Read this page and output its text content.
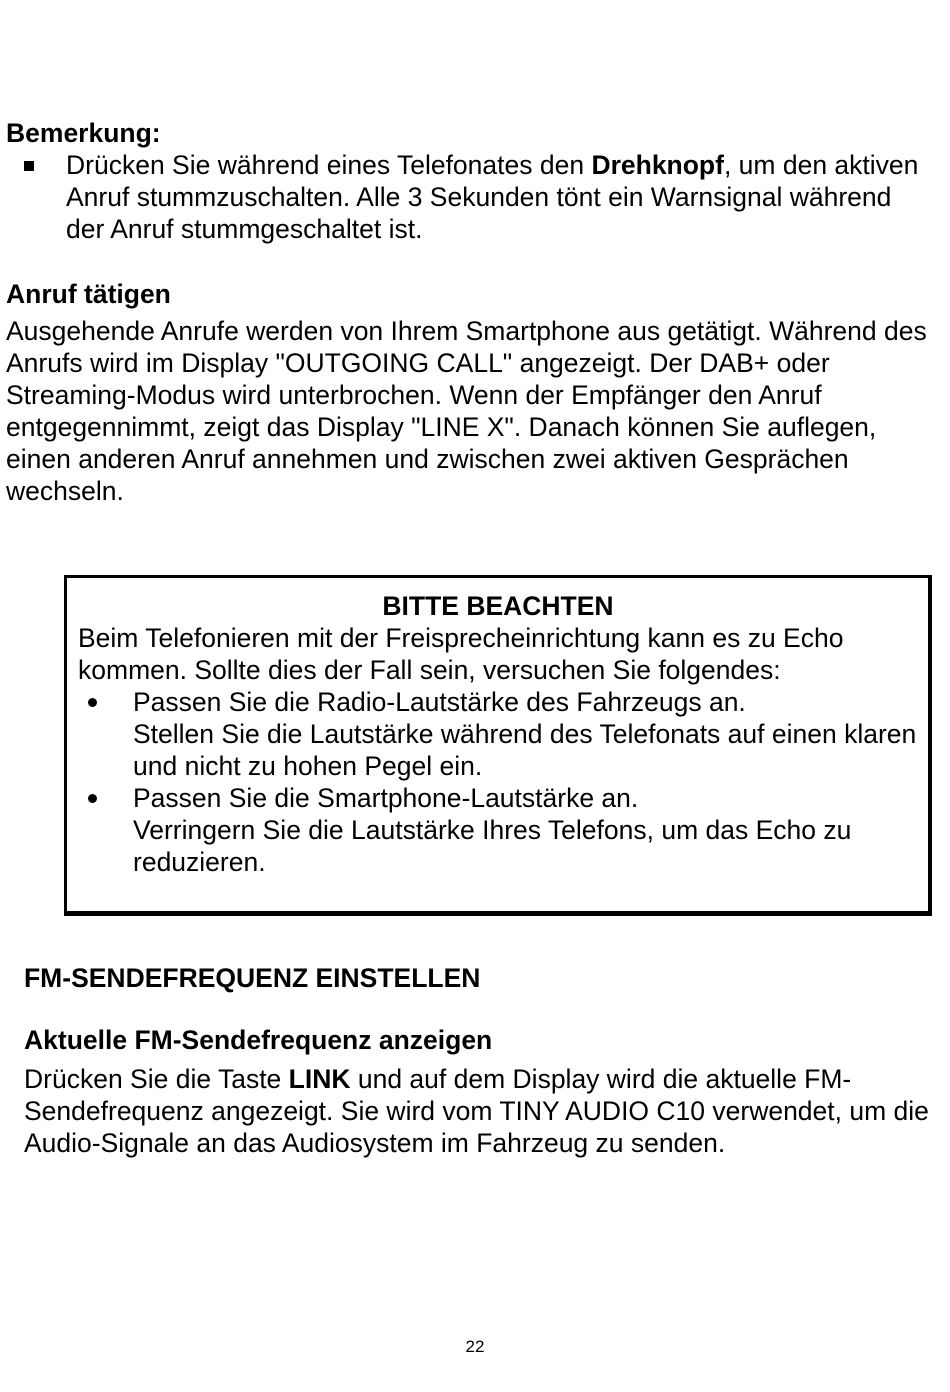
Bemerkung:
Drücken Sie während eines Telefonates den Drehknopf, um den aktiven Anruf stummzuschalten. Alle 3 Sekunden tönt ein Warnsignal während der Anruf stummgeschaltet ist.
Anruf tätigen

Ausgehende Anrufe werden von Ihrem Smartphone aus getätigt. Während des Anrufs wird im Display "OUTGOING CALL" angezeigt. Der DAB+ oder Streaming-Modus wird unterbrochen. Wenn der Empfänger den Anruf entgegennimmt, zeigt das Display "LINE X". Danach können Sie auflegen, einen anderen Anruf annehmen und zwischen zwei aktiven Gesprächen wechseln.

BITTE BEACHTEN

Beim Telefonieren mit der Freisprecheinrichtung kann es zu Echo kommen. Sollte dies der Fall sein, versuchen Sie folgendes:

Passen Sie die Radio-Lautstärke des Fahrzeugs an.
Stellen Sie die Lautstärke während des Telefonats auf einen klaren und nicht zu hohen Pegel ein.
Passen Sie die Smartphone-Lautstärke an.
Verringern Sie die Lautstärke Ihres Telefons, um das Echo zu reduzieren.
FM-SENDEFREQUENZ EINSTELLEN
Aktuelle FM-Sendefrequenz anzeigen

Drücken Sie die Taste LINK und auf dem Display wird die aktuelle FM-Sendefrequenz angezeigt. Sie wird vom TINY AUDIO C10 verwendet, um die Audio-Signale an das Audiosystem im Fahrzeug zu senden.

22
